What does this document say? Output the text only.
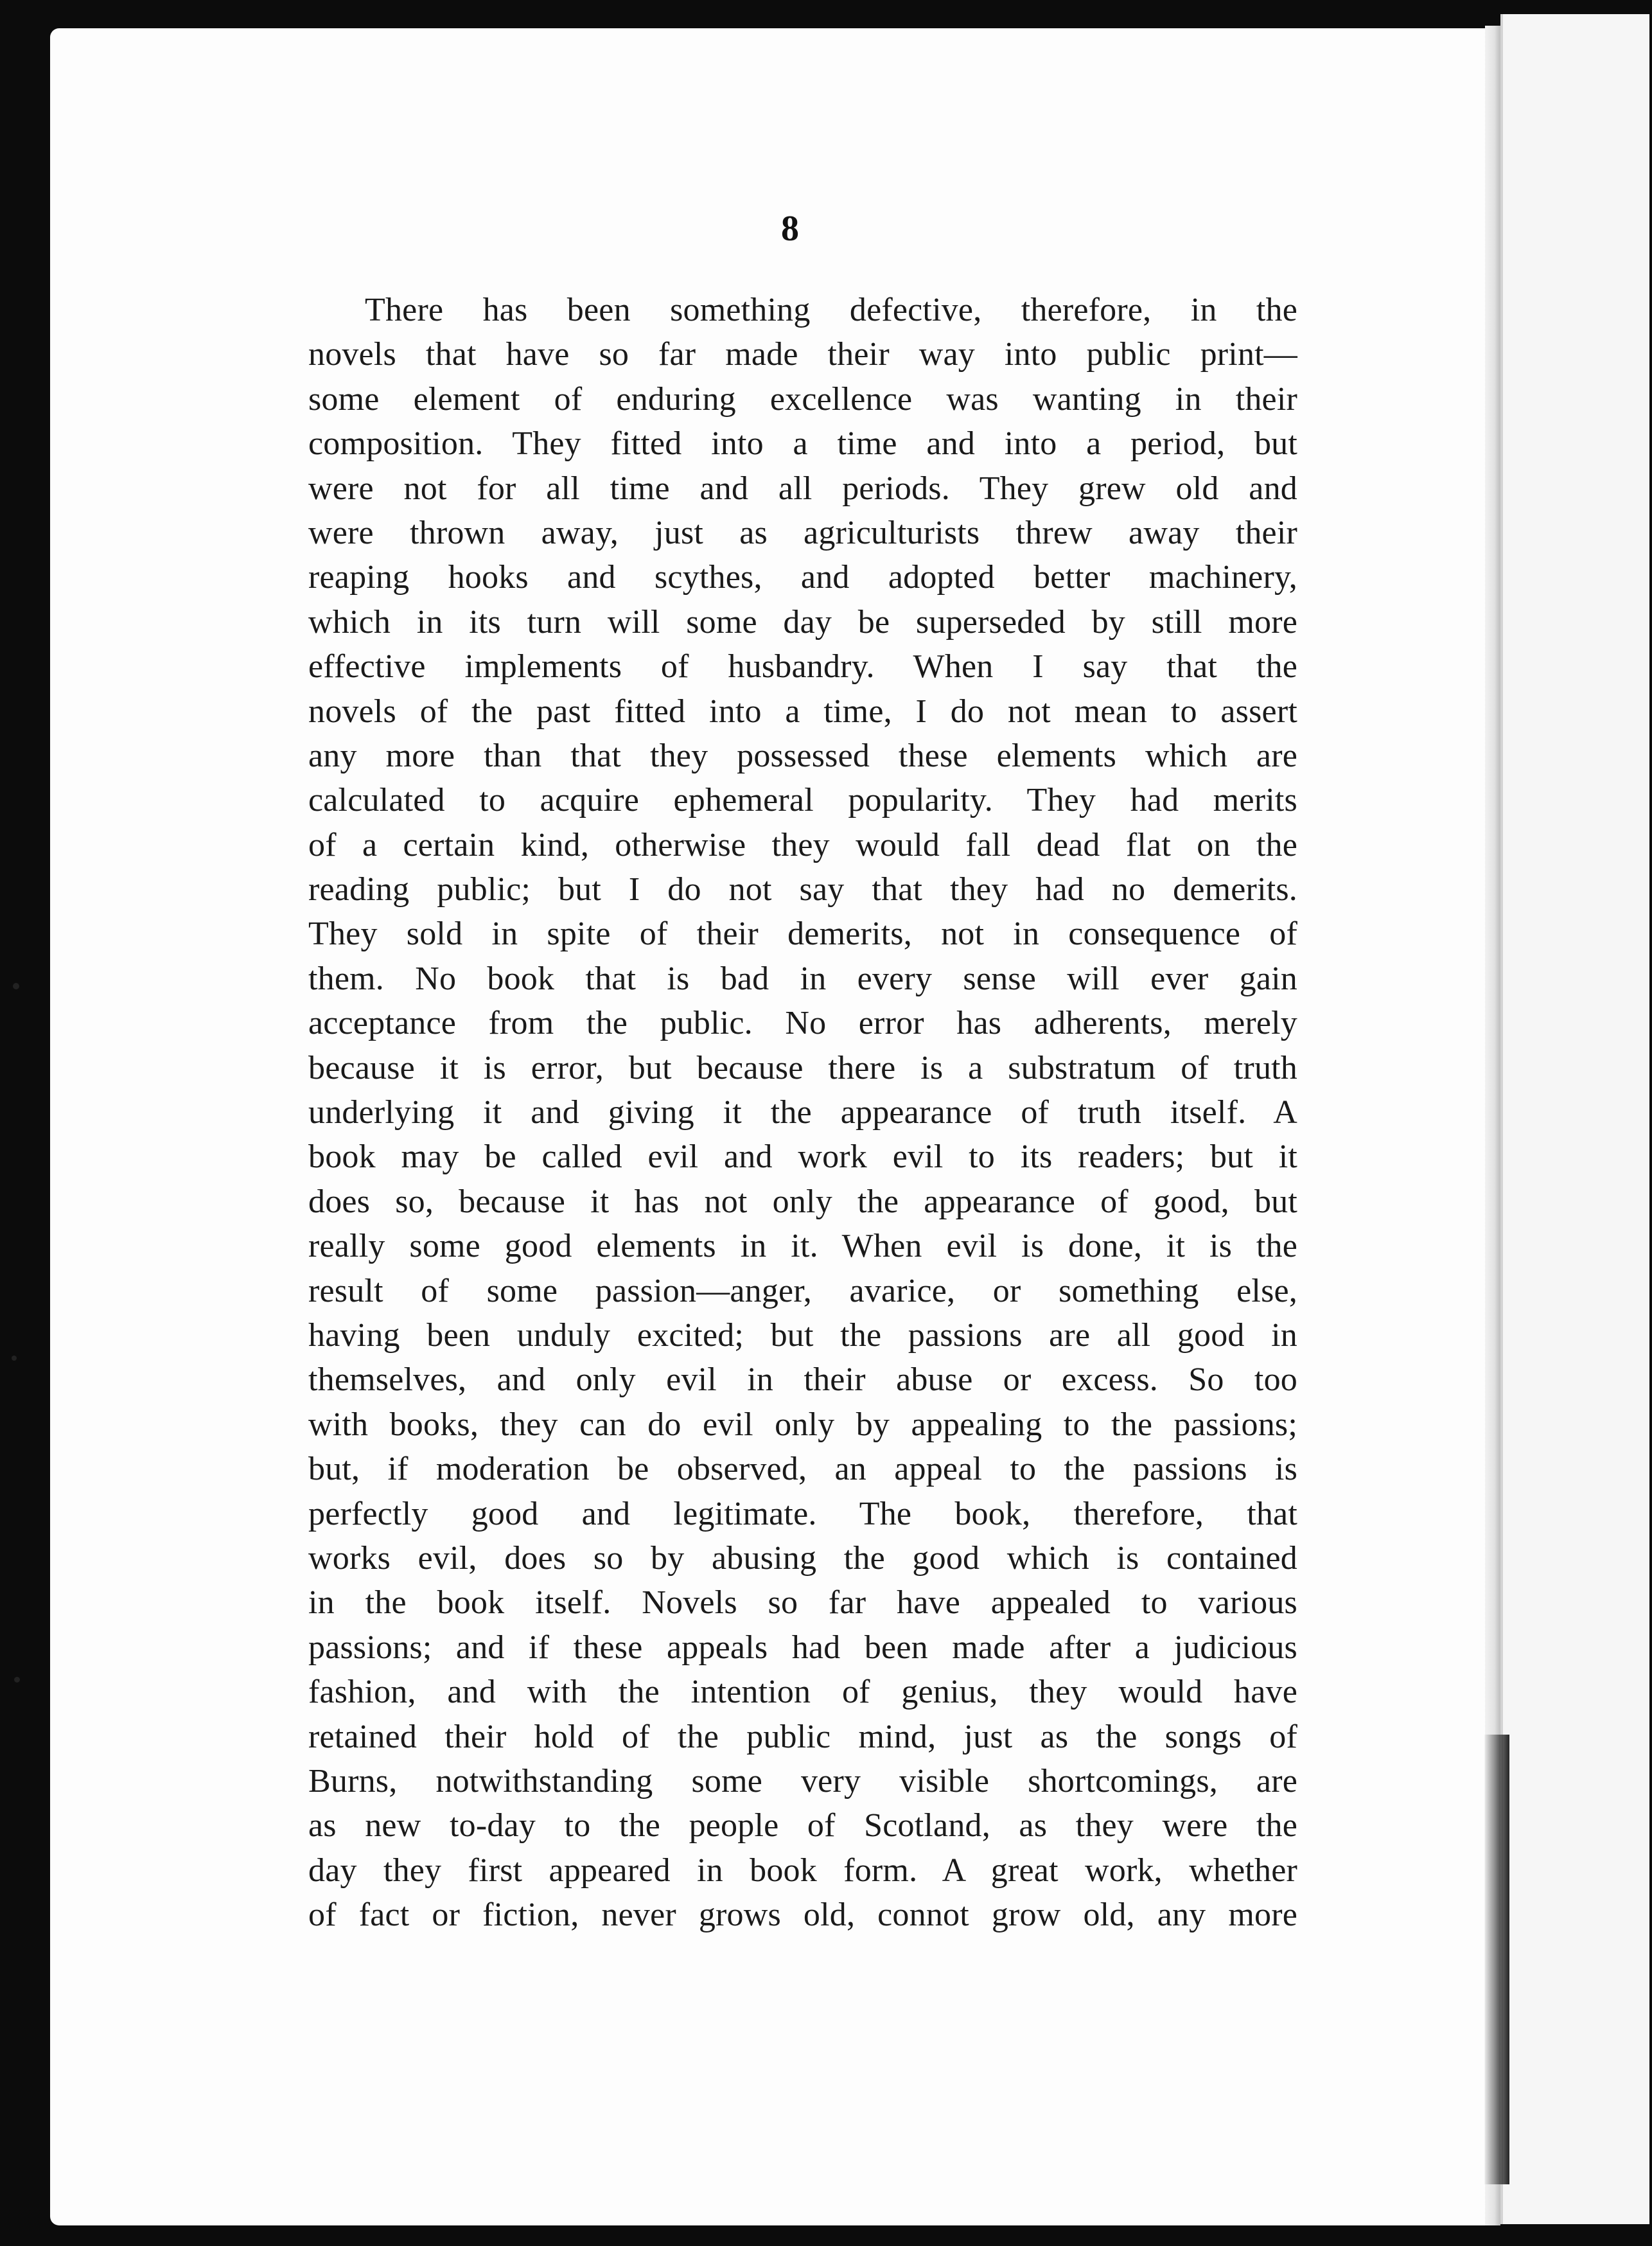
8
There has been something defective, therefore, in the
novels that have so far made their way into public print—
some element of enduring excellence was wanting in their
composition. They fitted into a time and into a period, but
were not for all time and all periods. They grew old and
were thrown away, just as agriculturists threw away their
reaping hooks and scythes, and adopted better machinery,
which in its turn will some day be superseded by still more
effective implements of husbandry. When I say that the
novels of the past fitted into a time, I do not mean to assert
any more than that they possessed these elements which are
calculated to acquire ephemeral popularity. They had merits
of a certain kind, otherwise they would fall dead flat on the
reading public; but I do not say that they had no demerits.
They sold in spite of their demerits, not in consequence of
them. No book that is bad in every sense will ever gain
acceptance from the public. No error has adherents, merely
because it is error, but because there is a substratum of truth
underlying it and giving it the appearance of truth itself. A
book may be called evil and work evil to its readers; but it
does so, because it has not only the appearance of good, but
really some good elements in it. When evil is done, it is the
result of some passion—anger, avarice, or something else,
having been unduly excited; but the passions are all good in
themselves, and only evil in their abuse or excess. So too
with books, they can do evil only by appealing to the passions;
but, if moderation be observed, an appeal to the passions is
perfectly good and legitimate. The book, therefore, that
works evil, does so by abusing the good which is contained
in the book itself. Novels so far have appealed to various
passions; and if these appeals had been made after a judicious
fashion, and with the intention of genius, they would have
retained their hold of the public mind, just as the songs of
Burns, notwithstanding some very visible shortcomings, are
as new to-day to the people of Scotland, as they were the
day they first appeared in book form. A great work, whether
of fact or fiction, never grows old, connot grow old, any more
